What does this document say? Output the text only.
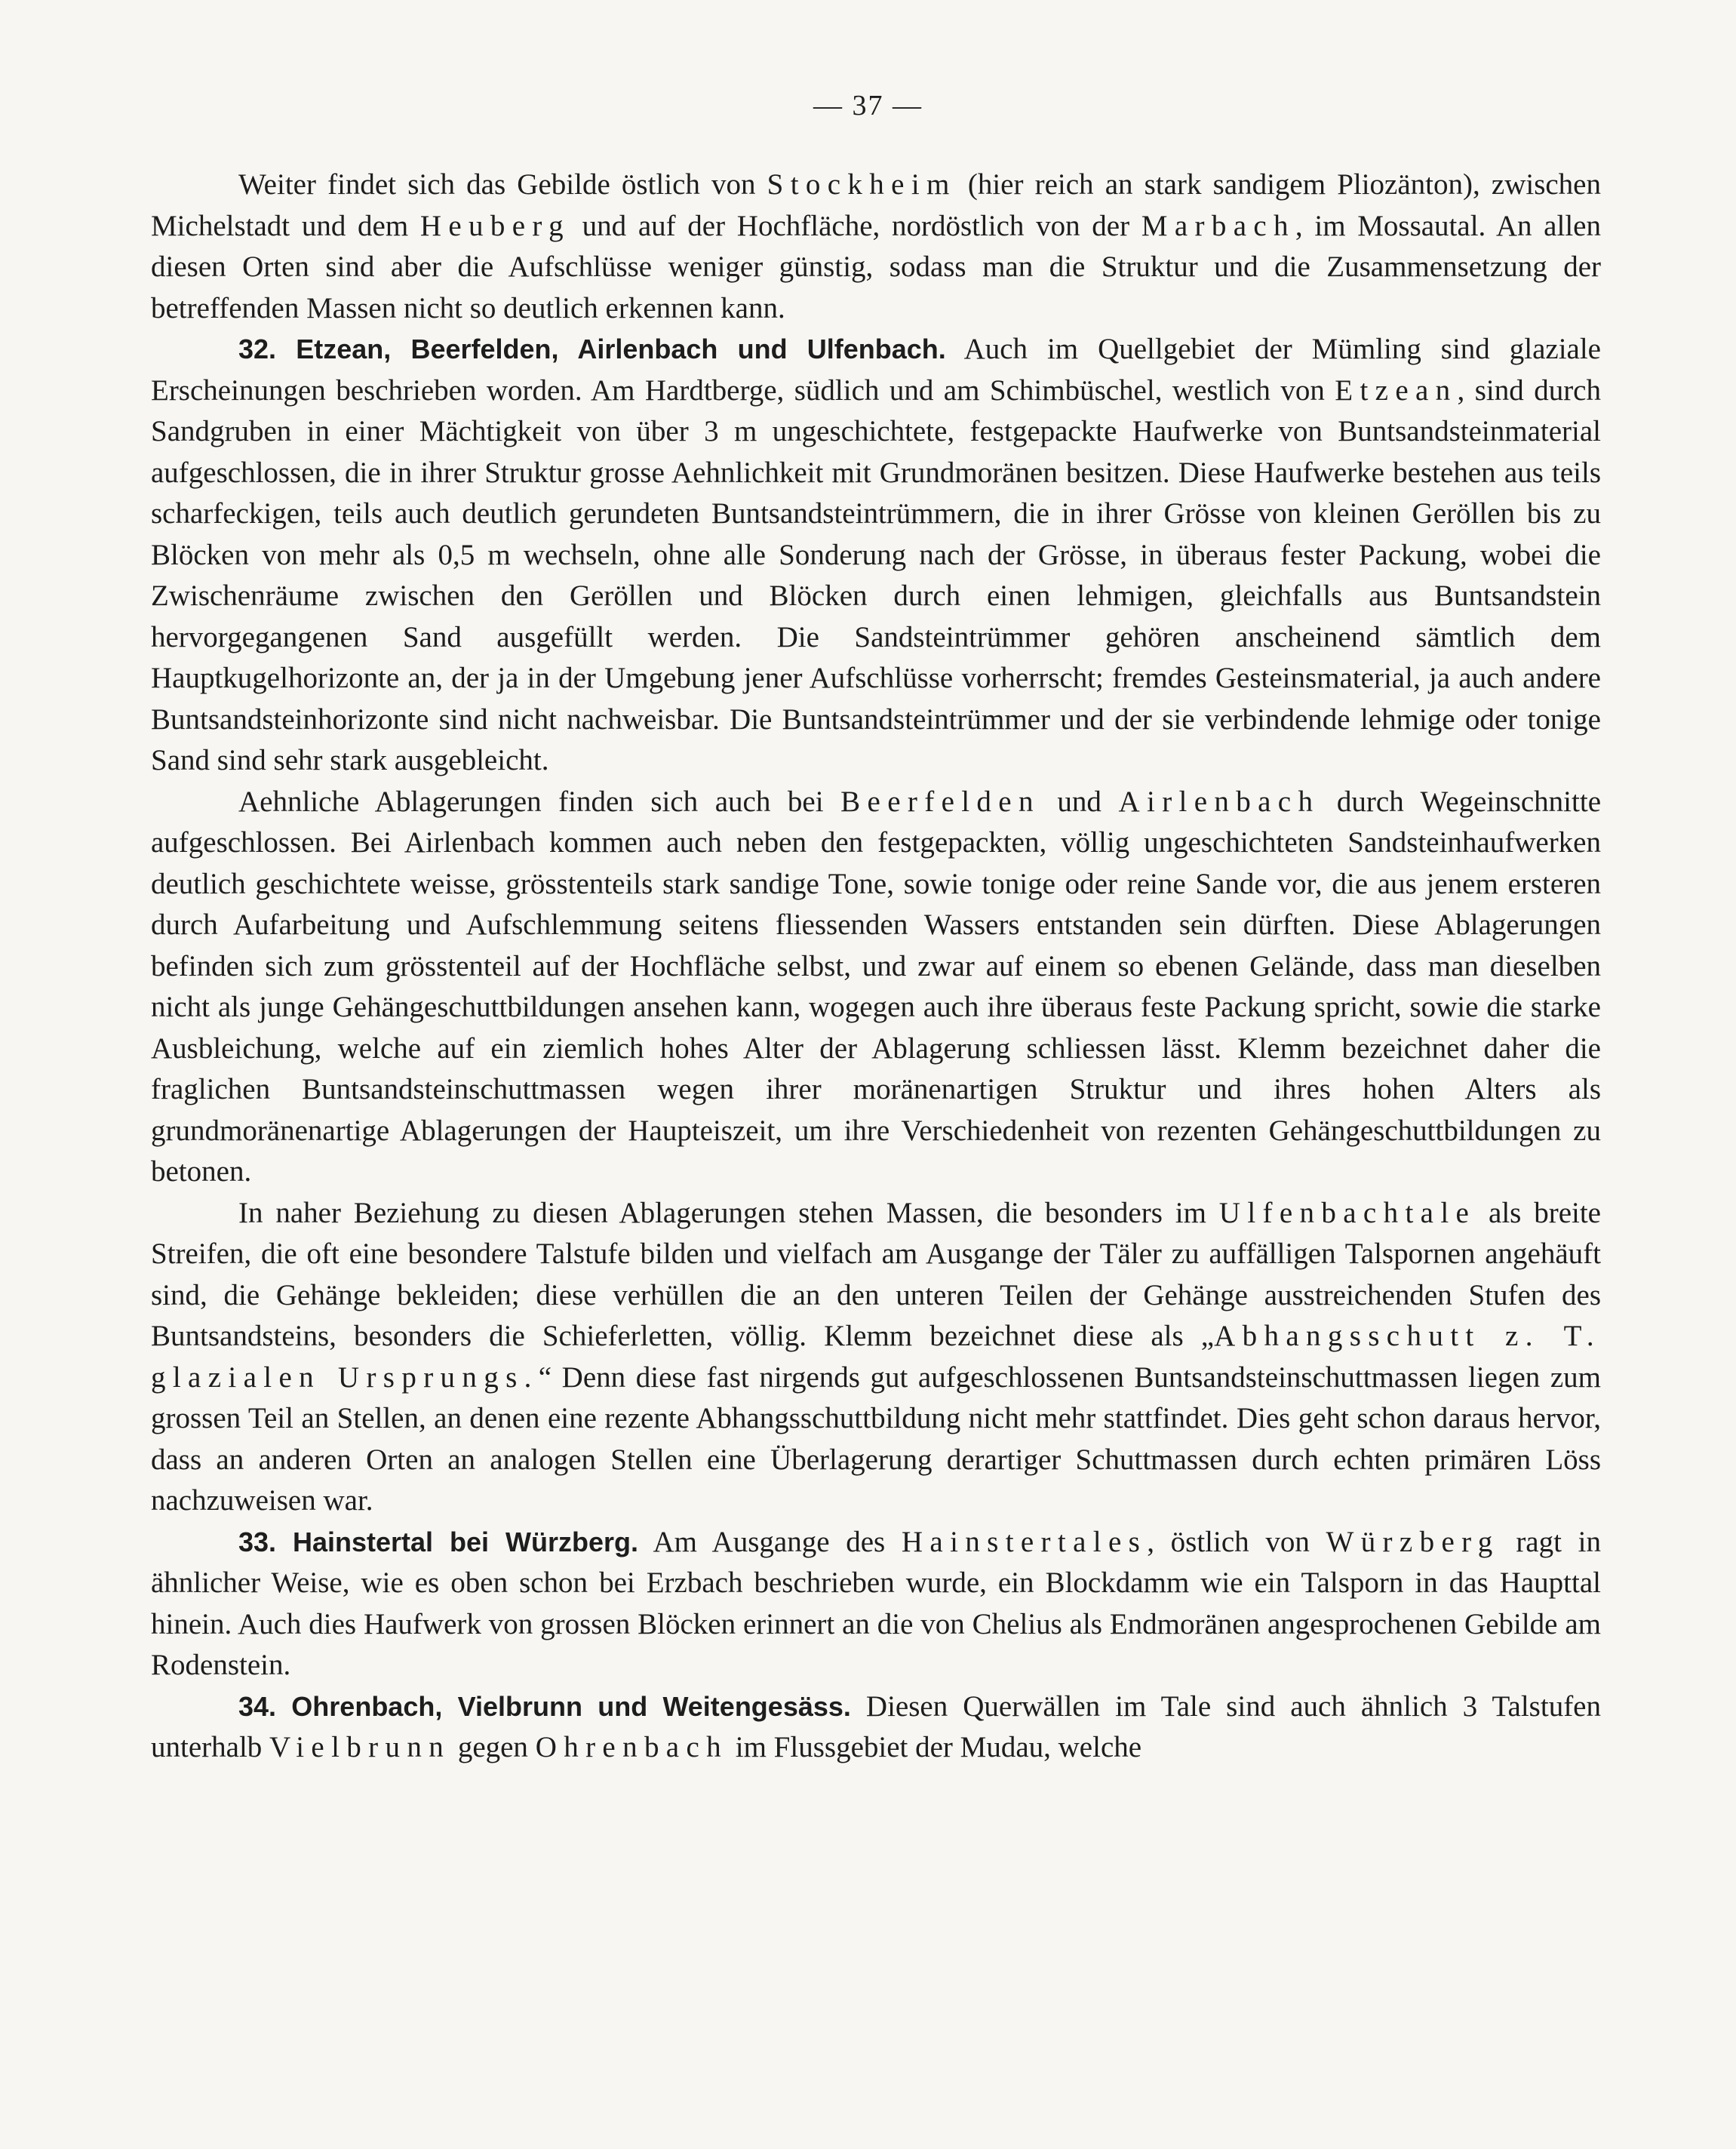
— 37 —

Weiter findet sich das Gebilde östlich von Stockheim (hier reich an stark sandigem Pliozänton), zwischen Michelstadt und dem Heuberg und auf der Hochfläche, nordöstlich von der Marbach, im Mossautal. An allen diesen Orten sind aber die Aufschlüsse weniger günstig, sodass man die Struktur und die Zusammensetzung der betreffenden Massen nicht so deutlich erkennen kann.

32. Etzean, Beerfelden, Airlenbach und Ulfenbach. Auch im Quellgebiet der Mümling sind glaziale Erscheinungen beschrieben worden. Am Hardtberge, südlich und am Schimbüschel, westlich von Etzean, sind durch Sandgruben in einer Mächtigkeit von über 3 m ungeschichtete, festgepackte Haufwerke von Buntsandsteinmaterial aufgeschlossen, die in ihrer Struktur grosse Aehnlichkeit mit Grundmoränen besitzen. Diese Haufwerke bestehen aus teils scharfeckigen, teils auch deutlich gerundeten Buntsandsteintrümmern, die in ihrer Grösse von kleinen Geröllen bis zu Blöcken von mehr als 0,5 m wechseln, ohne alle Sonderung nach der Grösse, in überaus fester Packung, wobei die Zwischenräume zwischen den Geröllen und Blöcken durch einen lehmigen, gleichfalls aus Buntsandstein hervorgegangenen Sand ausgefüllt werden. Die Sandsteintrümmer gehören anscheinend sämtlich dem Hauptkugelhorizonte an, der ja in der Umgebung jener Aufschlüsse vorherrscht; fremdes Gesteinsmaterial, ja auch andere Buntsandsteinhorizonte sind nicht nachweisbar. Die Buntsandsteintrümmer und der sie verbindende lehmige oder tonige Sand sind sehr stark ausgebleicht.

Aehnliche Ablagerungen finden sich auch bei Beerfelden und Airlenbach durch Wegeinschnitte aufgeschlossen. Bei Airlenbach kommen auch neben den festgepackten, völlig ungeschichteten Sandsteinhaufwerken deutlich geschichtete weisse, grösstenteils stark sandige Tone, sowie tonige oder reine Sande vor, die aus jenem ersteren durch Aufarbeitung und Aufschlemmung seitens fliessenden Wassers entstanden sein dürften. Diese Ablagerungen befinden sich zum grösstenteil auf der Hochfläche selbst, und zwar auf einem so ebenen Gelände, dass man dieselben nicht als junge Gehängeschuttbildungen ansehen kann, wogegen auch ihre überaus feste Packung spricht, sowie die starke Ausbleichung, welche auf ein ziemlich hohes Alter der Ablagerung schliessen lässt. Klemm bezeichnet daher die fraglichen Buntsandsteinschuttmassen wegen ihrer moränenartigen Struktur und ihres hohen Alters als grundmoränenartige Ablagerungen der Haupteiszeit, um ihre Verschiedenheit von rezenten Gehängeschuttbildungen zu betonen.

In naher Beziehung zu diesen Ablagerungen stehen Massen, die besonders im Ulfenbachtale als breite Streifen, die oft eine besondere Talstufe bilden und vielfach am Ausgange der Täler zu auffälligen Talspornen angehäuft sind, die Gehänge bekleiden; diese verhüllen die an den unteren Teilen der Gehänge ausstreichenden Stufen des Buntsandsteins, besonders die Schieferletten, völlig. Klemm bezeichnet diese als „Abhangsschutt z. T. glazialen Ursprungs.“ Denn diese fast nirgends gut aufgeschlossenen Buntsandsteinschuttmassen liegen zum grossen Teil an Stellen, an denen eine rezente Abhangsschuttbildung nicht mehr stattfindet. Dies geht schon daraus hervor, dass an anderen Orten an analogen Stellen eine Überlagerung derartiger Schuttmassen durch echten primären Löss nachzuweisen war.

33. Hainstertal bei Würzberg. Am Ausgange des Hainstertales, östlich von Würzberg ragt in ähnlicher Weise, wie es oben schon bei Erzbach beschrieben wurde, ein Blockdamm wie ein Talsporn in das Haupttal hinein. Auch dies Haufwerk von grossen Blöcken erinnert an die von Chelius als Endmoränen angesprochenen Gebilde am Rodenstein.

34. Ohrenbach, Vielbrunn und Weitengesäss. Diesen Querwällen im Tale sind auch ähnlich 3 Talstufen unterhalb Vielbrunn gegen Ohrenbach im Flussgebiet der Mudau, welche
